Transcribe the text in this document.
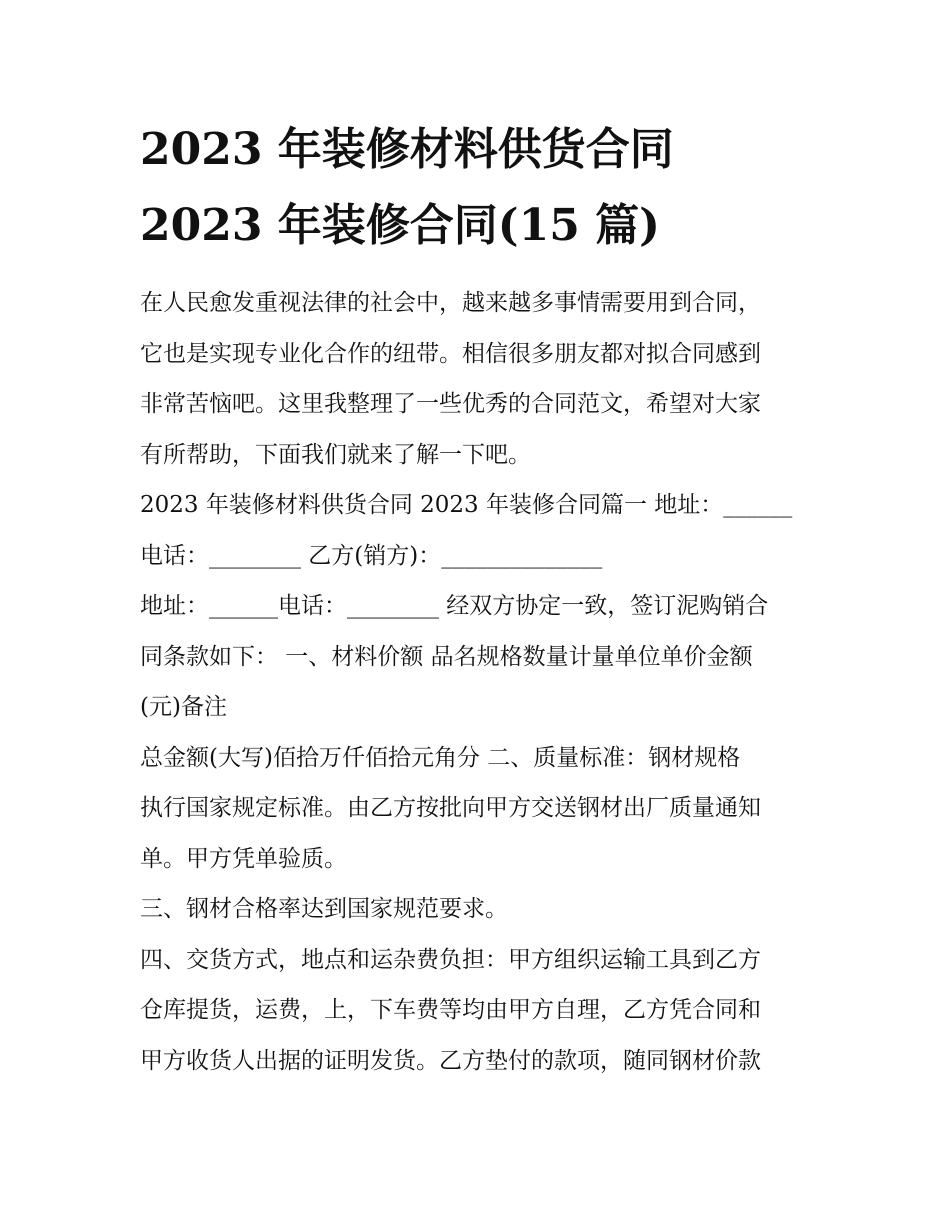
2023 年装修材料供货合同
2023 年装修合同(15 篇)

在人民愈发重视法律的社会中，越来越多事情需要用到合同，
它也是实现专业化合作的纽带。相信很多朋友都对拟合同感到
非常苦恼吧。这里我整理了一些优秀的合同范文，希望对大家
有所帮助，下面我们就来了解一下吧。

2023 年装修材料供货合同 2023 年装修合同篇一 地址：______
电话：________ 乙方(销方)：______________

地址：______电话：________ 经双方协定一致，签订泥购销合
同条款如下： 一、材料价额 品名规格数量计量单位单价金额
(元)备注

总金额(大写)佰拾万仟佰拾元角分 二、质量标准：钢材规格
执行国家规定标准。由乙方按批向甲方交送钢材出厂质量通知
单。甲方凭单验质。

三、钢材合格率达到国家规范要求。

四、交货方式，地点和运杂费负担：甲方组织运输工具到乙方
仓库提货，运费，上，下车费等均由甲方自理，乙方凭合同和
甲方收货人出据的证明发货。乙方垫付的款项，随同钢材价款
